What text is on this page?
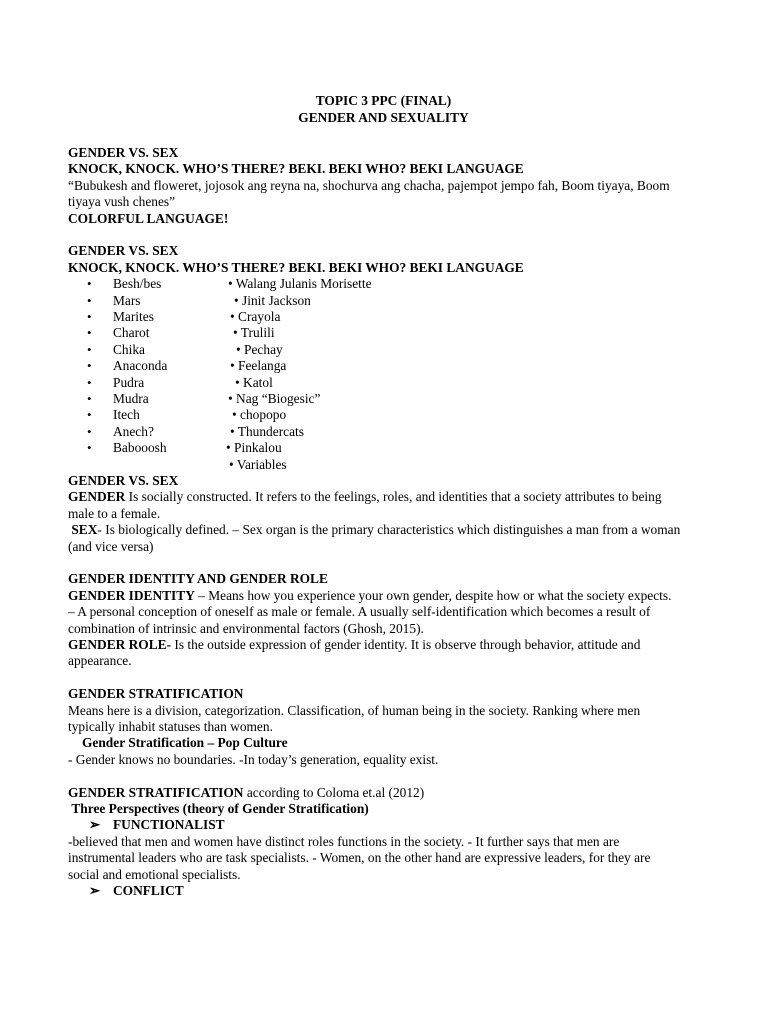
TOPIC 3 PPC (FINAL)
GENDER AND SEXUALITY

GENDER VS. SEX

KNOCK, KNOCK. WHO’S THERE? BEKI. BEKI WHO? BEKI LANGUAGE

“Bubukesh and floweret, jojosok ang reyna na, shochurva ang chacha, pajempot jempo fah, Boom tiyaya, Boom

tiyaya vush chenes”

COLORFUL LANGUAGE!

GENDER VS. SEX

KNOCK, KNOCK. WHO’S THERE? BEKI. BEKI WHO? BEKI LANGUAGE

• Besh/bes	• Walang Julanis Morisette
• Mars	• Jinit Jackson
• Marites	• Crayola
• Charot	• Trulili
• Chika	• Pechay
• Anaconda	• Feelanga
• Pudra	• Katol
• Mudra	• Nag “Biogesic”
• Itech	• chopopo
• Anech?	• Thundercats
• Babooosh	• Pinkalou
• Variables

GENDER VS. SEX

GENDER Is socially constructed. It refers to the feelings, roles, and identities that a society attributes to being

male to a female.

SEX- Is biologically defined. – Sex organ is the primary characteristics which distinguishes a man from a woman

(and vice versa)

GENDER IDENTITY AND GENDER ROLE

GENDER IDENTITY – Means how you experience your own gender, despite how or what the society expects.

– A personal conception of oneself as male or female. A usually self-identification which becomes a result of

combination of intrinsic and environmental factors (Ghosh, 2015).

GENDER ROLE- Is the outside expression of gender identity. It is observe through behavior, attitude and

appearance.

GENDER STRATIFICATION

Means here is a division, categorization. Classification, of human being in the society. Ranking where men

typically inhabit statuses than women.

Gender Stratification – Pop Culture

- Gender knows no boundaries. -In today’s generation, equality exist.

GENDER STRATIFICATION according to Coloma et.al (2012)

Three Perspectives (theory of Gender Stratification)

➢ FUNCTIONALIST

-believed that men and women have distinct roles functions in the society. - It further says that men are

instrumental leaders who are task specialists. - Women, on the other hand are expressive leaders, for they are

social and emotional specialists.

➢ CONFLICT
